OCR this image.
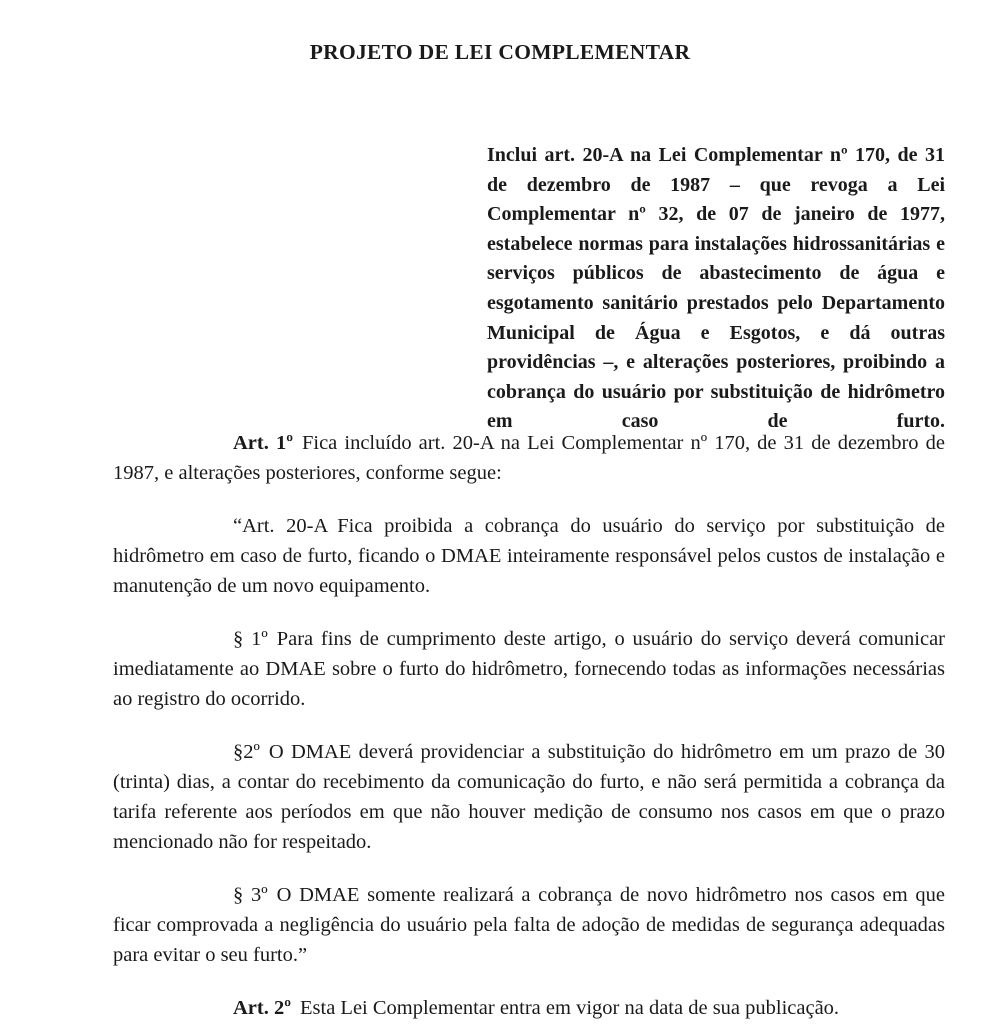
PROJETO DE LEI COMPLEMENTAR
Inclui art. 20-A na Lei Complementar nº 170, de 31 de dezembro de 1987 – que revoga a Lei Complementar nº 32, de 07 de janeiro de 1977, estabelece normas para instalações hidrossanitárias e serviços públicos de abastecimento de água e esgotamento sanitário prestados pelo Departamento Municipal de Água e Esgotos, e dá outras providências –, e alterações posteriores, proibindo a cobrança do usuário por substituição de hidrômetro em caso de furto.

Art. 1º Fica incluído art. 20-A na Lei Complementar nº 170, de 31 de dezembro de 1987, e alterações posteriores, conforme segue:

“Art. 20-A Fica proibida a cobrança do usuário do serviço por substituição de hidrômetro em caso de furto, ficando o DMAE inteiramente responsável pelos custos de instalação e manutenção de um novo equipamento.

§ 1º Para fins de cumprimento deste artigo, o usuário do serviço deverá comunicar imediatamente ao DMAE sobre o furto do hidrômetro, fornecendo todas as informações necessárias ao registro do ocorrido.

§2º O DMAE deverá providenciar a substituição do hidrômetro em um prazo de 30 (trinta) dias, a contar do recebimento da comunicação do furto, e não será permitida a cobrança da tarifa referente aos períodos em que não houver medição de consumo nos casos em que o prazo mencionado não for respeitado.

§ 3º O DMAE somente realizará a cobrança de novo hidrômetro nos casos em que ficar comprovada a negligência do usuário pela falta de adoção de medidas de segurança adequadas para evitar o seu furto.”

Art. 2º Esta Lei Complementar entra em vigor na data de sua publicação.
